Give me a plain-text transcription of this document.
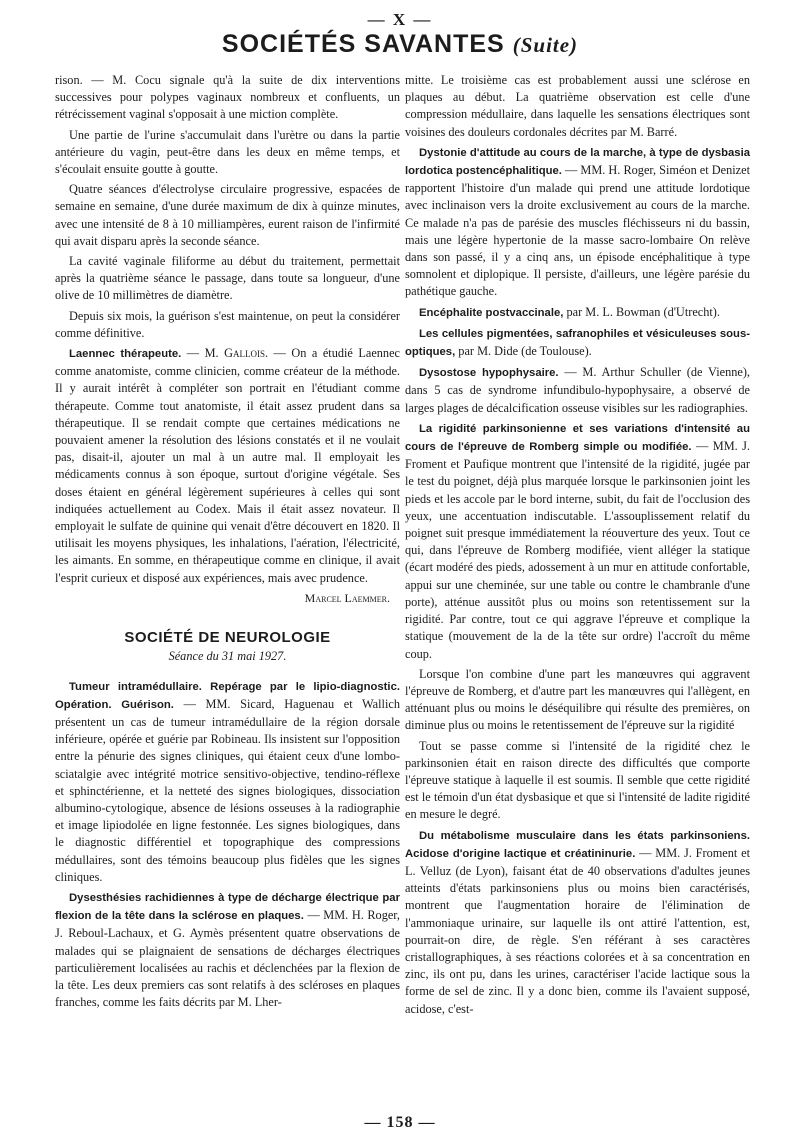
— X —
SOCIÉTÉS SAVANTES (Suite)

rison. — M. Cocu signale qu'à la suite de dix interventions successives pour polypes vaginaux nombreux et confluents, un rétrécissement vaginal s'opposait à une miction complète.

Une partie de l'urine s'accumulait dans l'urètre ou dans la partie antérieure du vagin, peut-être dans les deux en même temps, et s'écoulait ensuite goutte à goutte.

Quatre séances d'électrolyse circulaire progressive, espacées de semaine en semaine, d'une durée maximum de dix à quinze minutes, avec une intensité de 8 à 10 milliampères, eurent raison de l'infirmité qui avait disparu après la seconde séance.

La cavité vaginale filiforme au début du traitement, permettait après la quatrième séance le passage, dans toute sa longueur, d'une olive de 10 millimètres de diamètre.

Depuis six mois, la guérison s'est maintenue, on peut la considérer comme définitive.

Laennec thérapeute. — M. Gallois. — On a étudié Laennec comme anatomiste, comme clinicien, comme créateur de la méthode. Il y aurait intérêt à compléter son portrait en l'étudiant comme thérapeute. Comme tout anatomiste, il était assez prudent dans sa thérapeutique. Il se rendait compte que certaines médications ne pouvaient amener la résolution des lésions constatés et il ne voulait pas, disait-il, ajouter un mal à un autre mal. Il employait les médicaments connus à son époque, surtout d'origine végétale. Ses doses étaient en général légèrement supérieures à celles qui sont indiquées actuellement au Codex. Mais il était assez novateur. Il employait le sulfate de quinine qui venait d'être découvert en 1820. Il utilisait les moyens physiques, les inhalations, l'aération, l'électricité, les aimants. En somme, en thérapeutique comme en clinique, il avait l'esprit curieux et disposé aux expériences, mais avec prudence.

Marcel Laemmer.
SOCIÉTÉ DE NEUROLOGIE
Séance du 31 mai 1927.

Tumeur intramédullaire. Repérage par le lipio-diagnostic. Opération. Guérison. — MM. Sicard, Haguenau et Wallich présentent un cas de tumeur intramédullaire de la région dorsale inférieure, opérée et guérie par Robineau. Ils insistent sur l'opposition entre la pénurie des signes cliniques, qui étaient ceux d'une lombo-sciatalgie avec intégrité motrice sensitivo-objective, tendino-réflexe et sphinctérienne, et la netteté des signes biologiques, dissociation albumino-cytologique, absence de lésions osseuses à la radiographie et image lipiodolée en ligne festonnée. Les signes biologiques, dans le diagnostic différentiel et topographique des compressions médullaires, sont des témoins beaucoup plus fidèles que les signes cliniques.

Dysesthésies rachidiennes à type de décharge électrique par flexion de la tête dans la sclérose en plaques. — MM. H. Roger, J. Reboul-Lachaux, et G. Aymès présentent quatre observations de malades qui se plaignaient de sensations de décharges électriques particulièrement localisées au rachis et déclenchées par la flexion de la tête. Les deux premiers cas sont relatifs à des scléroses en plaques franches, comme les faits décrits par M. Lher-

mitte. Le troisième cas est probablement aussi une sclérose en plaques au début. La quatrième observation est celle d'une compression médullaire, dans laquelle les sensations électriques sont voisines des douleurs cordonales décrites par M. Barré.

Dystonie d'attitude au cours de la marche, à type de dysbasia lordotica postencéphalitique. — MM. H. Roger, Siméon et Denizet rapportent l'histoire d'un malade qui prend une attitude lordotique avec inclinaison vers la droite exclusivement au cours de la marche. Ce malade n'a pas de parésie des muscles fléchisseurs ni du bassin, mais une légère hypertonie de la masse sacro-lombaire On relève dans son passé, il y a cinq ans, un épisode encéphalitique à type somnolent et diplopique. Il persiste, d'ailleurs, une légère parésie du pathétique gauche.

Encéphalite postvaccinale, par M. L. Bowman (d'Utrecht).

Les cellules pigmentées, safranophiles et vésiculeuses sous-optiques, par M. Dide (de Toulouse).

Dysostose hypophysaire. — M. Arthur Schuller (de Vienne), dans 5 cas de syndrome infundibulo-hypophysaire, a observé de larges plages de décalcification osseuse visibles sur les radiographies.

La rigidité parkinsonienne et ses variations d'intensité au cours de l'épreuve de Romberg simple ou modifiée. — MM. J. Froment et Paufique montrent que l'intensité de la rigidité, jugée par le test du poignet, déjà plus marquée lorsque le parkinsonien joint les pieds et les accole par le bord interne, subit, du fait de l'occlusion des yeux, une accentuation indiscutable. L'assouplissement relatif du poignet suit presque immédiatement la réouverture des yeux. Tout ce qui, dans l'épreuve de Romberg modifiée, vient alléger la statique (écart modéré des pieds, adossement à un mur en attitude confortable, appui sur une cheminée, sur une table ou contre le chambranle d'une porte), atténue aussitôt plus ou moins son retentissement sur la rigidité. Par contre, tout ce qui aggrave l'épreuve et complique la statique (mouvement de la de la tête sur ordre) l'accroît du même coup.

Lorsque l'on combine d'une part les manœuvres qui aggravent l'épreuve de Romberg, et d'autre part les manœuvres qui l'allègent, en atténuant plus ou moins le déséquilibre qui résulte des premières, on diminue plus ou moins le retentissement de l'épreuve sur la rigidité

Tout se passe comme si l'intensité de la rigidité chez le parkinsonien était en raison directe des difficultés que comporte l'épreuve statique à laquelle il est soumis. Il semble que cette rigidité est le témoin d'un état dysbasique et que si l'intensité de ladite rigidité en mesure le degré.

Du métabolisme musculaire dans les états parkinsoniens. Acidose d'origine lactique et créatininurie. — MM. J. Froment et L. Velluz (de Lyon), faisant état de 40 observations d'adultes jeunes atteints d'états parkinsoniens plus ou moins bien caractérisés, montrent que l'augmentation horaire de l'élimination de l'ammoniaque urinaire, sur laquelle ils ont attiré l'attention, est, pourrait-on dire, de règle. S'en référant à ses caractères cristallographiques, à ses réactions colorées et à sa concentration en zinc, ils ont pu, dans les urines, caractériser l'acide lactique sous la forme de sel de zinc. Il y a donc bien, comme ils l'avaient supposé, acidose, c'est-

— 158 —
